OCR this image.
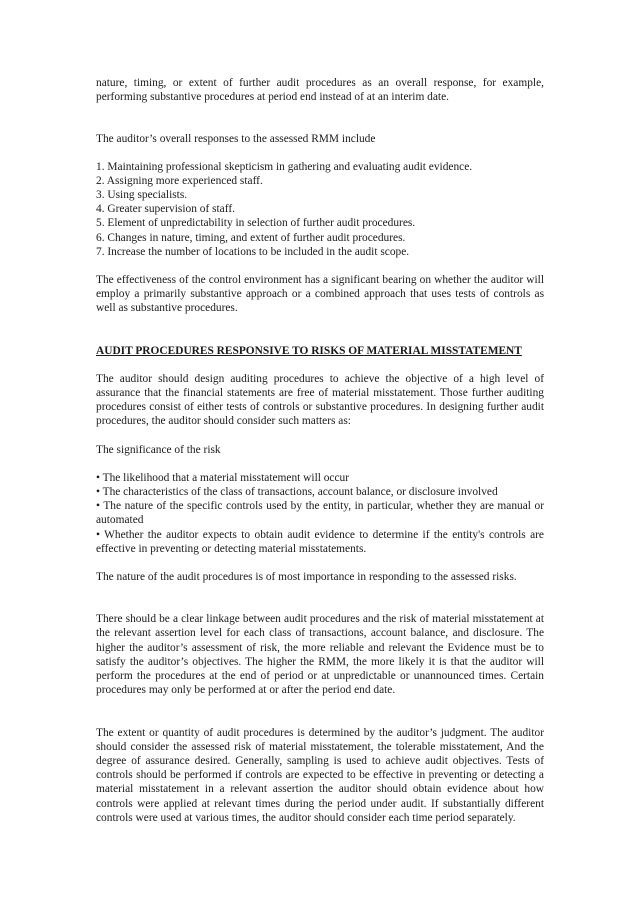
nature, timing, or extent of further audit procedures as an overall response, for example, performing substantive procedures at period end instead of at an interim date.

The auditor’s overall responses to the assessed RMM include

1. Maintaining professional skepticism in gathering and evaluating audit evidence.
2. Assigning more experienced staff.
3. Using specialists.
4. Greater supervision of staff.
5. Element of unpredictability in selection of further audit procedures.
6. Changes in nature, timing, and extent of further audit procedures.
7. Increase the number of locations to be included in the audit scope.

The effectiveness of the control environment has a significant bearing on whether the auditor will employ a primarily substantive approach or a combined approach that uses tests of controls as well as substantive procedures.

AUDIT PROCEDURES RESPONSIVE TO RISKS OF MATERIAL MISSTATEMENT

The auditor should design auditing procedures to achieve the objective of a high level of assurance that the financial statements are free of material misstatement. Those further auditing procedures consist of either tests of controls or substantive procedures. In designing further audit procedures, the auditor should consider such matters as:

The significance of the risk

• The likelihood that a material misstatement will occur

• The characteristics of the class of transactions, account balance, or disclosure involved

• The nature of the specific controls used by the entity, in particular, whether they are manual or automated

• Whether the auditor expects to obtain audit evidence to determine if the entity's controls are effective in preventing or detecting material misstatements.

The nature of the audit procedures is of most importance in responding to the assessed risks.

There should be a clear linkage between audit procedures and the risk of material misstatement at the relevant assertion level for each class of transactions, account balance, and disclosure. The higher the auditor’s assessment of risk, the more reliable and relevant the Evidence must be to satisfy the auditor’s objectives. The higher the RMM, the more likely it is that the auditor will perform the procedures at the end of period or at unpredictable or unannounced times. Certain procedures may only be performed at or after the period end date.

The extent or quantity of audit procedures is determined by the auditor’s judgment. The auditor should consider the assessed risk of material misstatement, the tolerable misstatement, And the degree of assurance desired. Generally, sampling is used to achieve audit objectives. Tests of controls should be performed if controls are expected to be effective in preventing or detecting a material misstatement in a relevant assertion the auditor should obtain evidence about how controls were applied at relevant times during the period under audit. If substantially different controls were used at various times, the auditor should consider each time period separately.
